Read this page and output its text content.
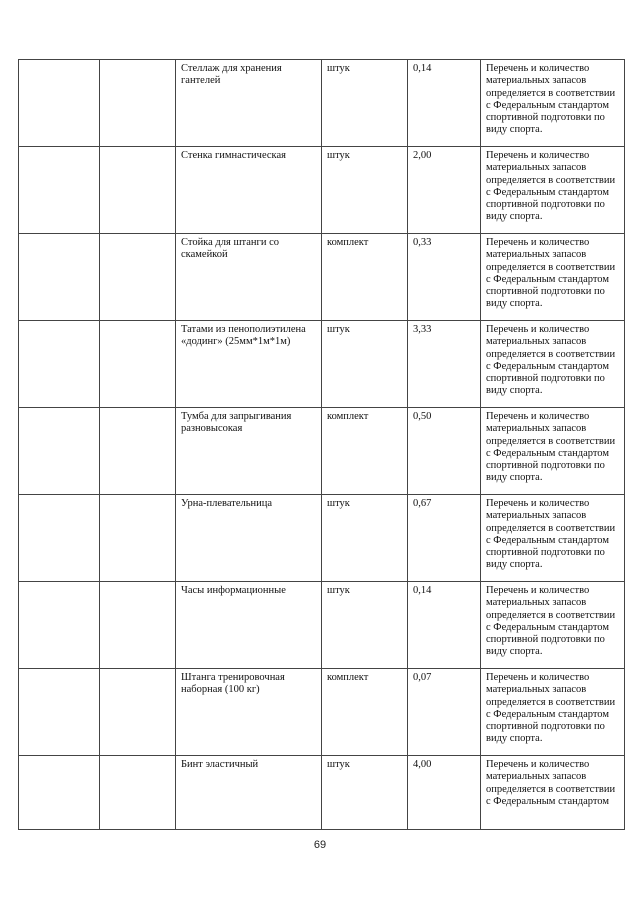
		Стеллаж для хранения гантелей	штук	0,14	Перечень и количество материальных запасов определяется в соответствии с Федеральным стандартом спортивной подготовки по виду спорта.
		Стенка гимнастическая	штук	2,00	Перечень и количество материальных запасов определяется в соответствии с Федеральным стандартом спортивной подготовки по виду спорта.
		Стойка для штанги со скамейкой	комплект	0,33	Перечень и количество материальных запасов определяется в соответствии с Федеральным стандартом спортивной подготовки по виду спорта.
		Татами из пенополиэтилена «додинг» (25мм*1м*1м)	штук	3,33	Перечень и количество материальных запасов определяется в соответствии с Федеральным стандартом спортивной подготовки по виду спорта.
		Тумба для запрыгивания разновысокая	комплект	0,50	Перечень и количество материальных запасов определяется в соответствии с Федеральным стандартом спортивной подготовки по виду спорта.
		Урна-плевательница	штук	0,67	Перечень и количество материальных запасов определяется в соответствии с Федеральным стандартом спортивной подготовки по виду спорта.
		Часы информационные	штук	0,14	Перечень и количество материальных запасов определяется в соответствии с Федеральным стандартом спортивной подготовки по виду спорта.
		Штанга тренировочная наборная (100 кг)	комплект	0,07	Перечень и количество материальных запасов определяется в соответствии с Федеральным стандартом спортивной подготовки по виду спорта.
		Бинт эластичный	штук	4,00	Перечень и количество материальных запасов определяется в соответствии с Федеральным стандартом
69
